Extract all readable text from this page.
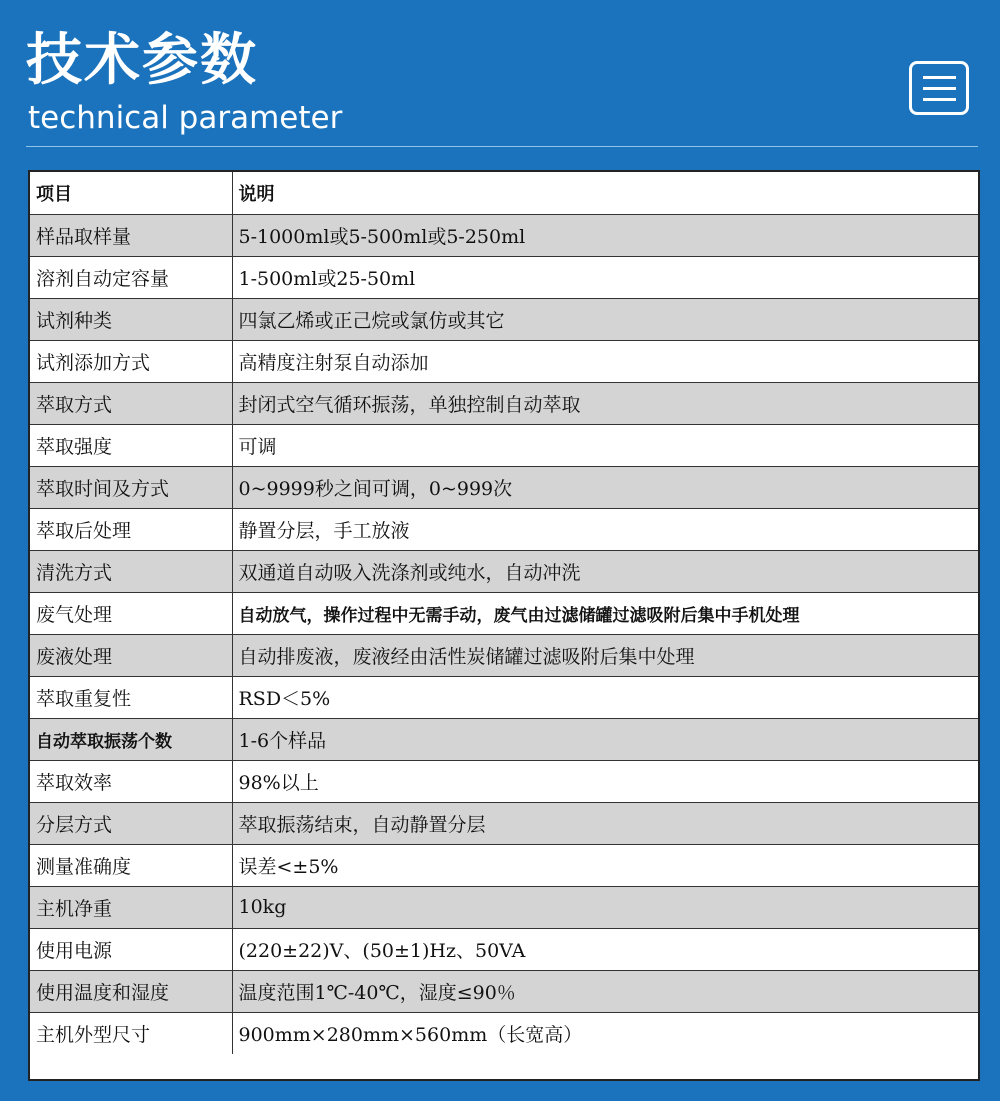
技术参数
technical parameter
项目	说明
样品取样量	5-1000ml或5-500ml或5-250ml
溶剂自动定容量	1-500ml或25-50ml
试剂种类	四氯乙烯或正己烷或氯仿或其它
试剂添加方式	高精度注射泵自动添加
萃取方式	封闭式空气循环振荡，单独控制自动萃取
萃取强度	可调
萃取时间及方式	0~9999秒之间可调，0~999次
萃取后处理	静置分层，手工放液
清洗方式	双通道自动吸入洗涤剂或纯水，自动冲洗
废气处理	自动放气，操作过程中无需手动，废气由过滤储罐过滤吸附后集中手机处理
废液处理	自动排废液，废液经由活性炭储罐过滤吸附后集中处理
萃取重复性	RSD＜5%
自动萃取振荡个数	1-6个样品
萃取效率	98%以上
分层方式	萃取振荡结束，自动静置分层
测量准确度	误差<±5%
主机净重	10kg
使用电源	(220±22)V、(50±1)Hz、50VA
使用温度和湿度	温度范围1℃-40℃，湿度≤90％
主机外型尺寸	900mm×280mm×560mm（长宽高）
